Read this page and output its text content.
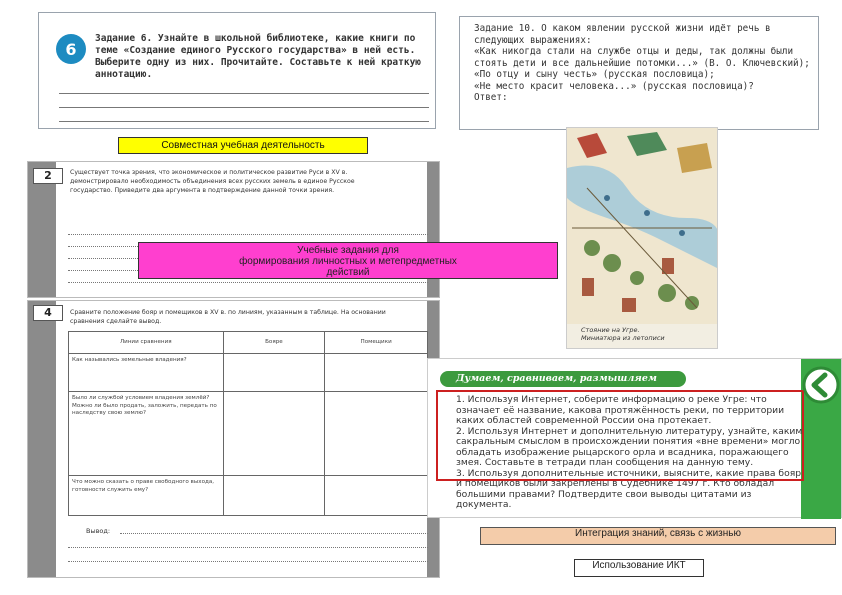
6
Задание 6. Узнайте в школьной библиотеке, какие книги по теме «Создание единого Русского государства» в ней есть. Выберите одну из них. Прочитайте. Составьте к ней краткую аннотацию.
Задание 10. О каком явлении русской жизни идёт речь в следующих выражениях:
«Как никогда стали на службе отцы и деды, так должны были стоять дети и все дальнейшие потомки...» (В. О. Ключевский);
«По отцу и сыну честь» (русская пословица);
«Не место красит человека...» (русская пословица)?
Ответ:
Совместная учебная деятельность
2	Существует точка зрения, что экономическое и политическое развитие Руси в XV в. демонстрировало необходимость объединения всех русских земель в единое Русское государство. Приведите два аргумента в подтверждение данной точки зрения.
Учебные задания для
формирования личностных и метепредметных
действий
4	Сравните положение бояр и помещиков в XV в. по линиям, указанным в таблице. На основании сравнения сделайте вывод.
Линии сравнения	Бояре	Помещики
Как назывались земельные владения?		
Было ли службой условием владения землёй? Можно ли было продать, заложить, передать по наследству свою землю?		
Что можно сказать о праве свободного выхода, готовности служить ему?		
Вывод:
Стояние на Угре.
Миниатюра из летописи
Думаем, сравниваем, размышляем

1. Используя Интернет, соберите информацию о реке Угре: что означает её название, какова протяжённость реки, по территории каких областей современной России она протекает.

2. Используя Интернет и дополнительную литературу, узнайте, каким сакральным смыслом в происхождении понятия «вне времени» могло обладать изображение рыцарского орла и всадника, поражающего змея. Составьте в тетради план сообщения на данную тему.

3. Используя дополнительные источники, выясните, какие права бояр и помещиков были закреплены в Судебнике 1497 г. Кто обладал большими правами? Подтвердите свои выводы цитатами из документа.

Интеграция знаний, связь с жизнью
Использование ИКТ
